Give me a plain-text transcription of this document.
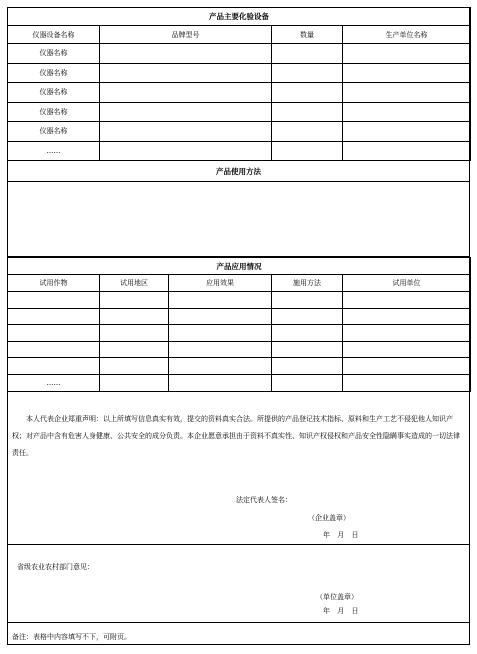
产品主要化验设备			
仪器设备名称	品牌型号	数量	生产单位名称
仪器名称			
仪器名称			
仪器名称			
仪器名称			
仪器名称			
……			
产品使用方法
产品应用情况				
试用作物	试用地区	应用效果	施用方法	试用单位

……				
本人代表企业郑重声明：以上所填写信息真实有效，提交的资料真实合法。所提供的产品登记技术指标、原料和生产工艺不侵犯他人知识产权；对产品中含有危害人身健康、公共安全的成分负责。本企业愿意承担由于资料不真实性、知识产权侵权和产品安全性隐瞒事实造成的一切法律责任。
法定代表人签名：
（企业盖章）
年 月 日
省级农业农村部门意见：
（单位盖章）
年 月 日
备注：表格中内容填写不下，可附页。
